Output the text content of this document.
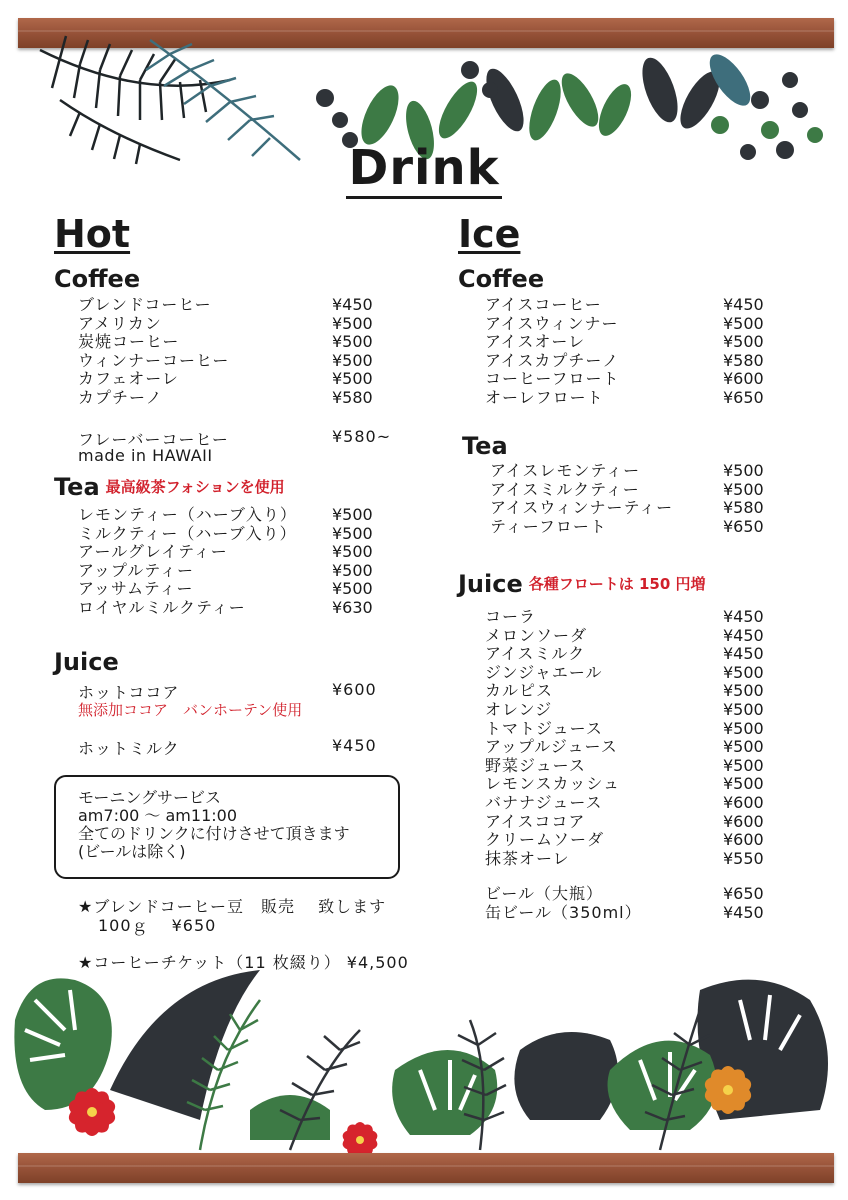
Drink
Hot
Coffee
ブレンドコーヒー	¥450
アメリカン	¥500
炭焼コーヒー	¥500
ウィンナーコーヒー	¥500
カフェオーレ	¥500
カプチーノ	¥580
フレーバーコーヒー	¥580~
made in HAWAII
Tea 最高級茶フォションを使用
レモンティー（ハーブ入り） ¥500
ミルクティー（ハーブ入り） ¥500
アールグレイティー	¥500
アップルティー	¥500
アッサムティー	¥500
ロイヤルミルクティー	¥630
Juice
ホットココア	¥600
無添加ココア　バンホーテン使用
ホットミルク	¥450
モーニングサービス
am7:00 ～ am11:00
全てのドリンクに付けさせて頂きます
(ビールは除く)
★ブレンドコーヒー豆　販売　 致します
100ｇ　 ¥650
★コーヒーチケット（11 枚綴り） ¥4,500
Ice
Coffee
アイスコーヒー	¥450
アイスウィンナー	¥500
アイスオーレ	¥500
アイスカプチーノ	¥580
コーヒーフロート	¥600
オーレフロート	¥650
Tea
アイスレモンティー	¥500
アイスミルクティー	¥500
アイスウィンナーティー	¥580
ティーフロート	¥650
Juice 各種フロートは 150 円増
コーラ	¥450
メロンソーダ	¥450
アイスミルク	¥450
ジンジャエール	¥500
カルピス	¥500
オレンジ	¥500
トマトジュース	¥500
アップルジュース	¥500
野菜ジュース	¥500
レモンスカッシュ	¥500
バナナジュース	¥600
アイスココア	¥600
クリームソーダ	¥600
抹茶オーレ	¥550
ビール（大瓶）	¥650
缶ビール（350ml）	¥450
